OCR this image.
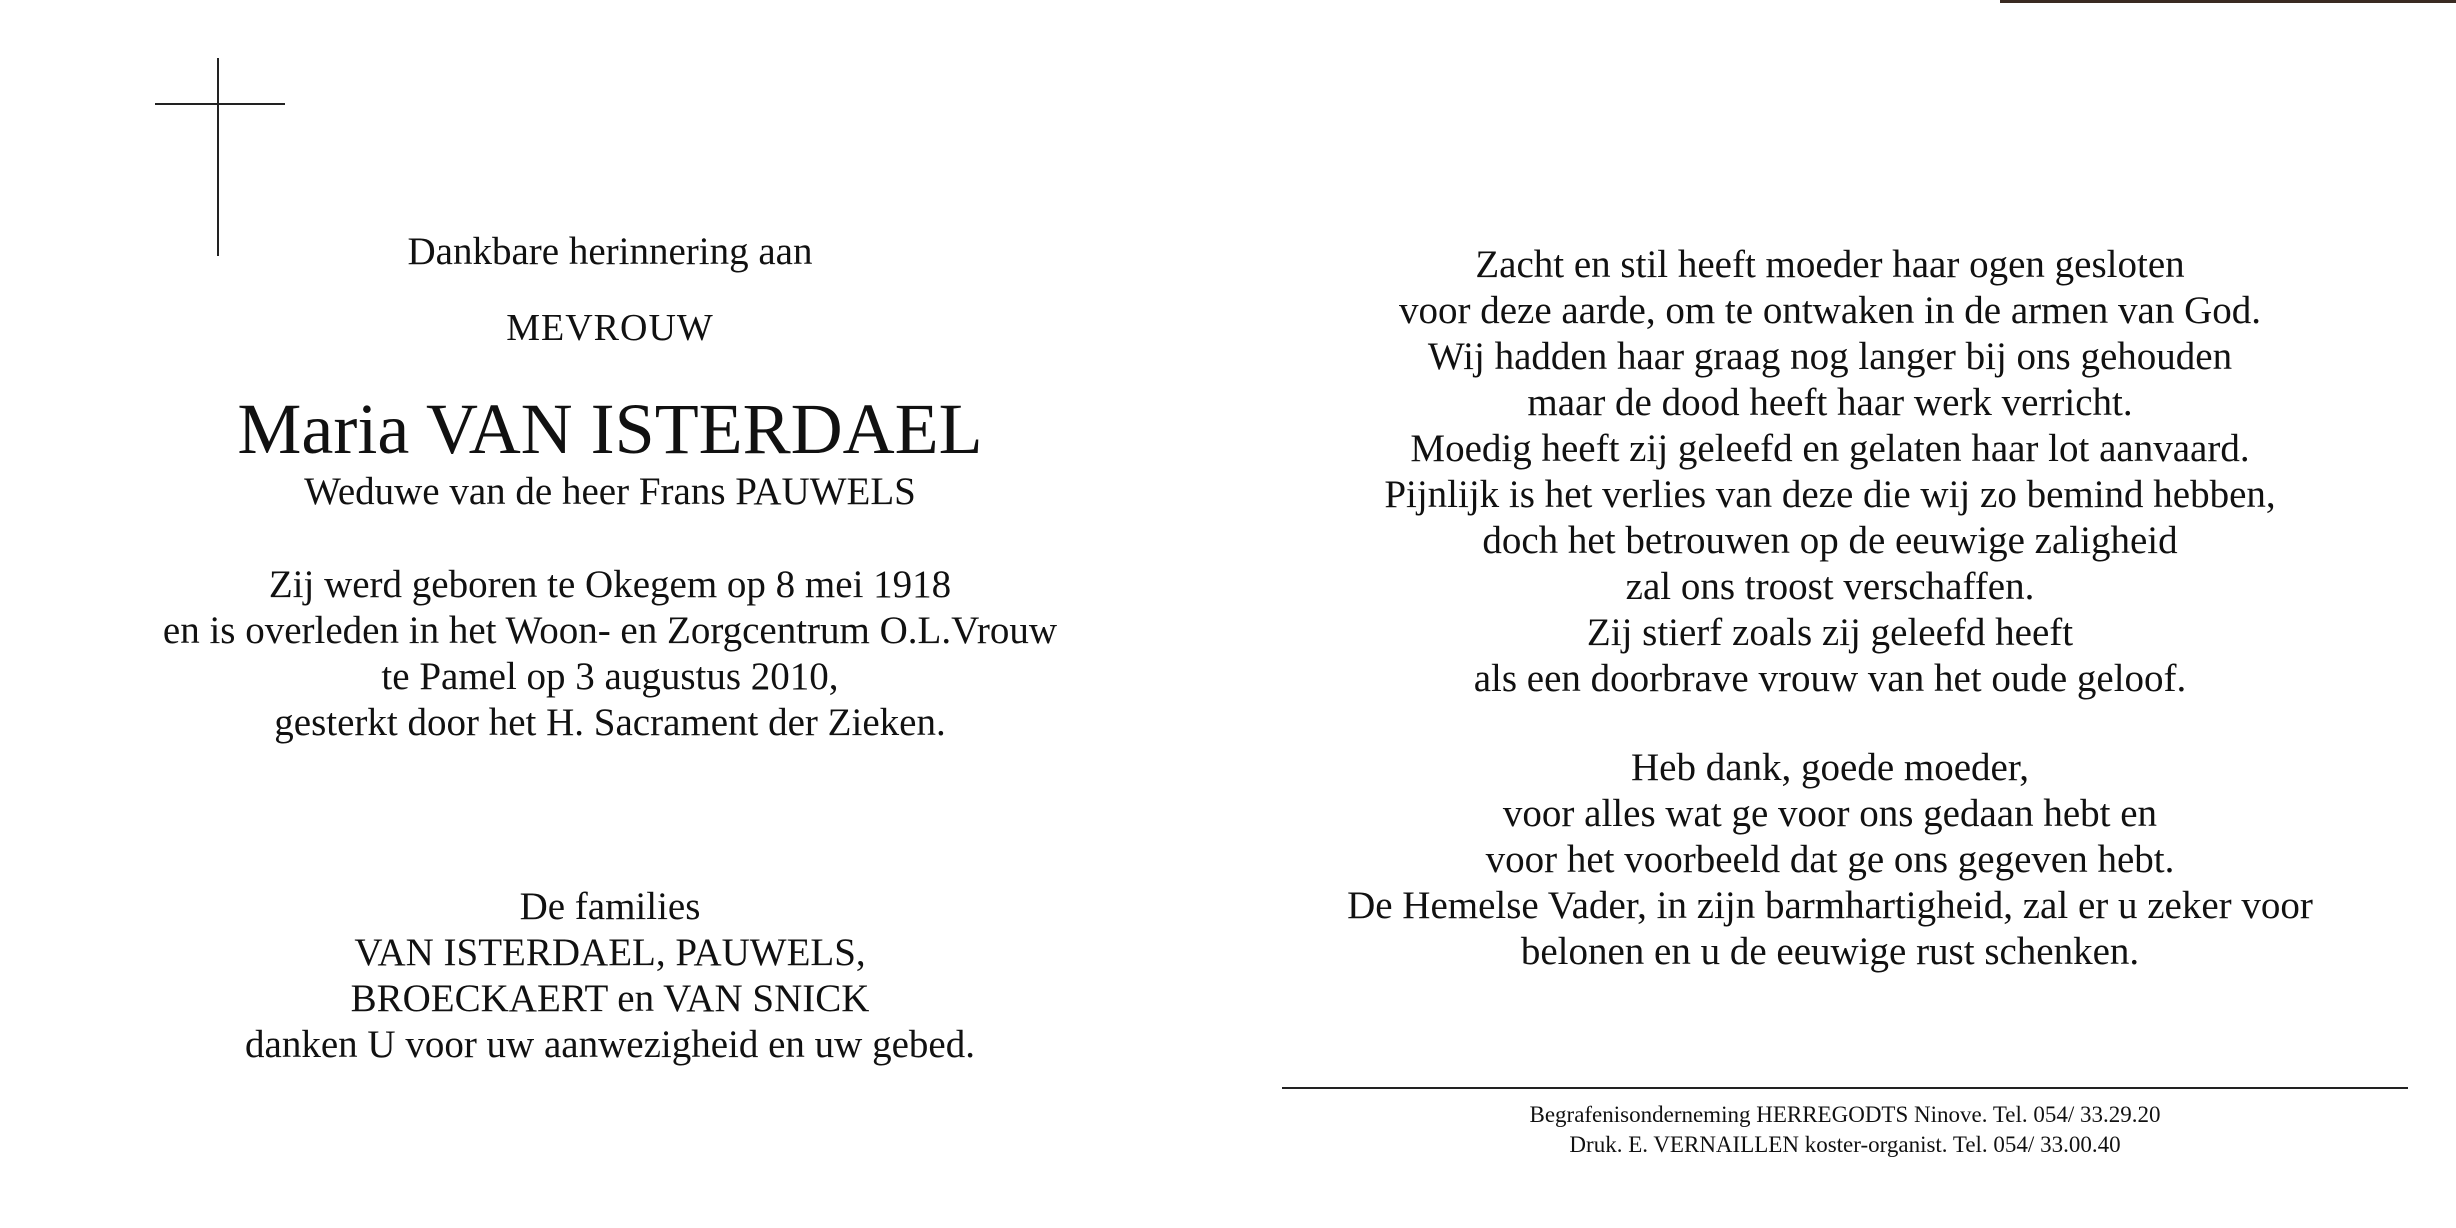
Dankbare herinnering aan
MEVROUW
Maria VAN ISTERDAEL
Weduwe van de heer Frans PAUWELS
Zij werd geboren te Okegem op 8 mei 1918
en is overleden in het Woon- en Zorgcentrum O.L.Vrouw
te Pamel op 3 augustus 2010,
gesterkt door het H. Sacrament der Zieken.
De families
VAN ISTERDAEL, PAUWELS,
BROECKAERT en VAN SNICK
danken U voor uw aanwezigheid en uw gebed.
Zacht en stil heeft moeder haar ogen gesloten
voor deze aarde, om te ontwaken in de armen van God.
Wij hadden haar graag nog langer bij ons gehouden
maar de dood heeft haar werk verricht.
Moedig heeft zij geleefd en gelaten haar lot aanvaard.
Pijnlijk is het verlies van deze die wij zo bemind hebben,
doch het betrouwen op de eeuwige zaligheid
zal ons troost verschaffen.
Zij stierf zoals zij geleefd heeft
als een doorbrave vrouw van het oude geloof.
Heb dank, goede moeder,
voor alles wat ge voor ons gedaan hebt en
voor het voorbeeld dat ge ons gegeven hebt.
De Hemelse Vader, in zijn barmhartigheid, zal er u zeker voor
belonen en u de eeuwige rust schenken.
Begrafenisonderneming HERREGODTS Ninove. Tel. 054/ 33.29.20
Druk. E. VERNAILLEN koster-organist. Tel. 054/ 33.00.40
